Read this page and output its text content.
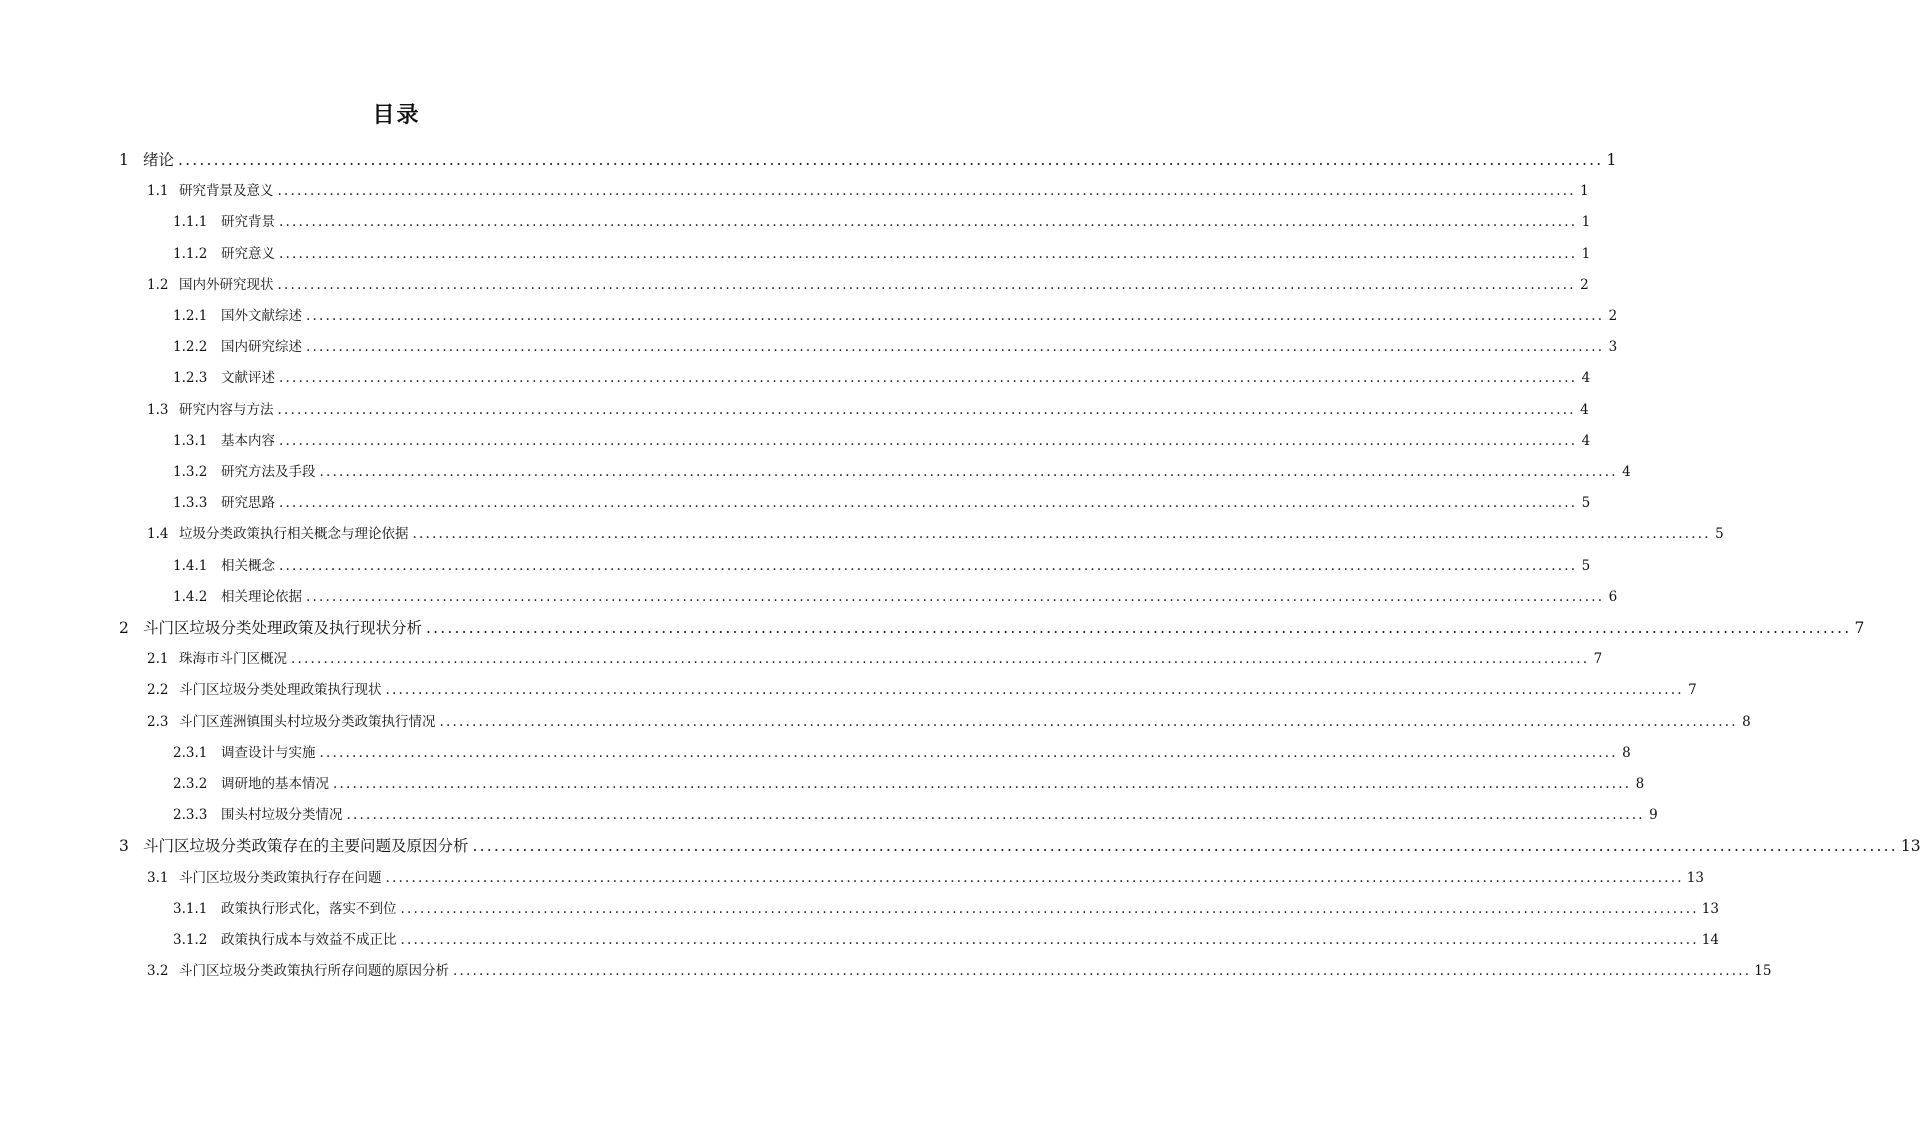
目录
1 绪论 ........................................................................................................................................................................................................ 1
1.1 研究背景及意义 ........................................................................................................................................................................................................ 1
1.1.1	研究背景 ........................................................................................................................................................................................................ 1
1.1.2	研究意义 ........................................................................................................................................................................................................ 1
1.2 国内外研究现状 ........................................................................................................................................................................................................ 2
1.2.1	国外文献综述 ........................................................................................................................................................................................................ 2
1.2.2	国内研究综述 ........................................................................................................................................................................................................ 3
1.2.3	文献评述 ........................................................................................................................................................................................................ 4
1.3 研究内容与方法 ........................................................................................................................................................................................................ 4
1.3.1	基本内容 ........................................................................................................................................................................................................ 4
1.3.2	研究方法及手段 ........................................................................................................................................................................................................ 4
1.3.3	研究思路 ........................................................................................................................................................................................................ 5
1.4 垃圾分类政策执行相关概念与理论依据 ........................................................................................................................................................................................................ 5
1.4.1	相关概念 ........................................................................................................................................................................................................ 5
1.4.2	相关理论依据 ........................................................................................................................................................................................................ 6
2 斗门区垃圾分类处理政策及执行现状分析 ........................................................................................................................................................................................................ 7
2.1 珠海市斗门区概况 ........................................................................................................................................................................................................ 7
2.2 斗门区垃圾分类处理政策执行现状 ........................................................................................................................................................................................................ 7
2.3 斗门区莲洲镇围头村垃圾分类政策执行情况 ........................................................................................................................................................................................................ 8
2.3.1	调查设计与实施 ........................................................................................................................................................................................................ 8
2.3.2	调研地的基本情况 ........................................................................................................................................................................................................ 8
2.3.3	围头村垃圾分类情况 ........................................................................................................................................................................................................ 9
3 斗门区垃圾分类政策存在的主要问题及原因分析 ........................................................................................................................................................................................................ 13
3.1 斗门区垃圾分类政策执行存在问题 ........................................................................................................................................................................................................ 13
3.1.1	政策执行形式化，落实不到位 ........................................................................................................................................................................................................ 13
3.1.2	政策执行成本与效益不成正比 ........................................................................................................................................................................................................ 14
3.2 斗门区垃圾分类政策执行所存问题的原因分析 ........................................................................................................................................................................................................ 15
